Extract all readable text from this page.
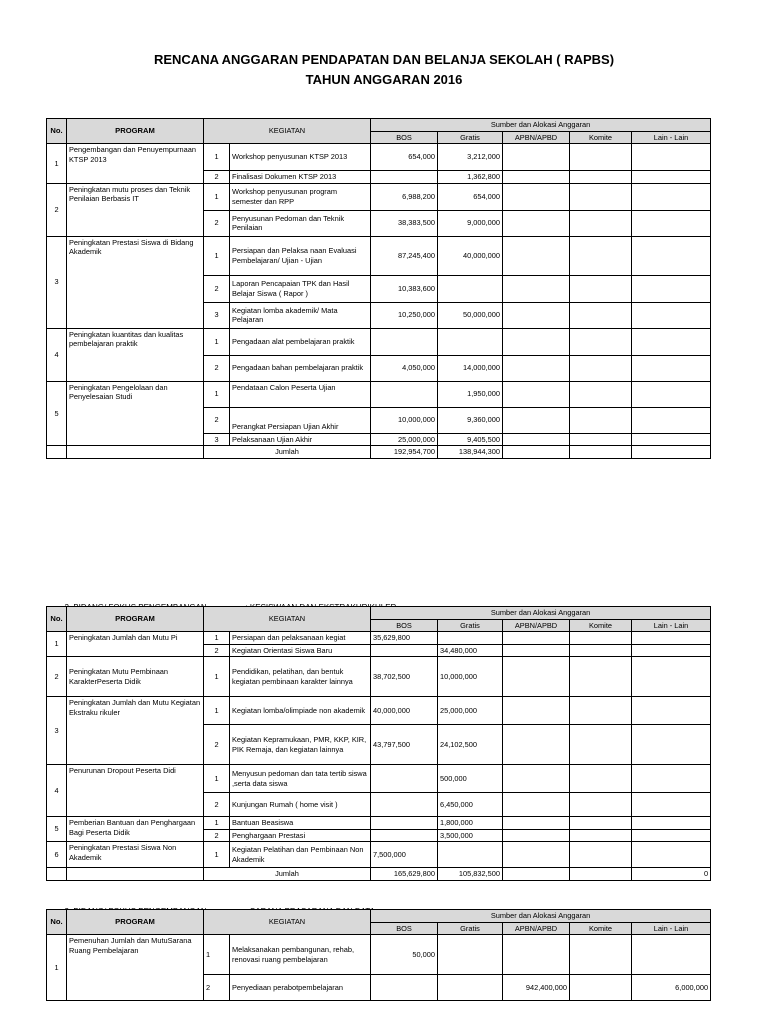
RENCANA ANGGARAN PENDAPATAN DAN BELANJA SEKOLAH ( RAPBS)
TAHUN ANGGARAN 2016

No.	PROGRAM	KEGIATAN		Sumber dan Alokasi Anggaran				
				BOS	Gratis	APBN/APBD	Komite	Lain - Lain
1	Pengembangan dan Penuyempurnaan KTSP 2013	1	Workshop penyusunan KTSP 2013	654,000	3,212,000			
		2	Finalisasi Dokumen KTSP 2013		1,362,800			
2	Peningkatan mutu proses dan Teknik Penilaian Berbasis IT	1	Workshop penyusunan program semester dan RPP	6,988,200	654,000			
		2	Penyusunan Pedoman dan Teknik Penilaian	38,383,500	9,000,000			
3	Peningkatan Prestasi Siswa di Bidang Akademik	1	Persiapan dan Pelaksa naan Evaluasi Pembelajaran/ Ujian - Ujian	87,245,400	40,000,000			
		2	Laporan Pencapaian TPK dan Hasil Belajar Siswa ( Rapor )	10,383,600				
		3	Kegiatan lomba akademik/ Mata Pelajaran	10,250,000	50,000,000			
4	Peningkatan kuantitas dan kualitas pembelajaran praktik	1	Pengadaan alat pembelajaran praktik					
		2	Pengadaan bahan pembelajaran praktik	4,050,000	14,000,000			
5	Peningkatan Pengelolaan dan Penyelesaian Studi	1	Pendataan Calon Peserta Ujian		1,950,000			
		2	Perangkat Persiapan Ujian Akhir	10,000,000	9,360,000			
		3	Pelaksanaan Ujian Akhir	25,000,000	9,405,500			
		Jumlah		192,954,700	138,944,300			

No.	PROGRAM	KEGIATAN		Sumber dan Alokasi Anggaran				
				BOS	Gratis	APBN/APBD	Komite	Lain - Lain
1	Peningkatan Jumlah dan Mutu Pi	1	Persiapan dan pelaksanaan kegiat	35,629,800				
		2	Kegiatan Orientasi Siswa Baru		34,480,000			
2	Peningkatan Mutu Pembinaan KarakterPeserta Didik	1	Pendidikan, pelatihan, dan bentuk kegiatan pembinaan karakter lainnya	38,702,500	10,000,000			
3	Peningkatan Jumlah dan Mutu Kegiatan Ekstraku rikuler	1	Kegiatan lomba/olimpiade non akademik	40,000,000	25,000,000			
		2	Kegiatan Kepramukaan, PMR, KKP, KIR, PIK Remaja, dan kegiatan lainnya	43,797,500	24,102,500			
4	Penurunan Dropout Peserta Didi	1	Menyusun pedoman dan tata tertib siswa ,serta data siswa		500,000			
		2	Kunjungan Rumah ( home visit )		6,450,000			
5	Pemberian Bantuan dan Penghargaan Bagi Peserta Didik	1	Bantuan Beasiswa		1,800,000			
		2	Penghargaan Prestasi		3,500,000			
6	Peningkatan Prestasi Siswa Non Akademik	1	Kegiatan Pelatihan dan Pembinaan Non Akademik	7,500,000				
		Jumlah		165,629,800	105,832,500			0

No.	PROGRAM	KEGIATAN		Sumber dan Alokasi Anggaran				
				BOS	Gratis	APBN/APBD	Komite	Lain - Lain
1	Pemenuhan Jumlah dan MutuSarana Ruang Pembelajaran	1	Melaksanakan pembangunan, rehab, renovasi ruang pembelajaran	50,000				
		2	Penyediaan perabotpembelajaran			942,400,000		6,000,000
